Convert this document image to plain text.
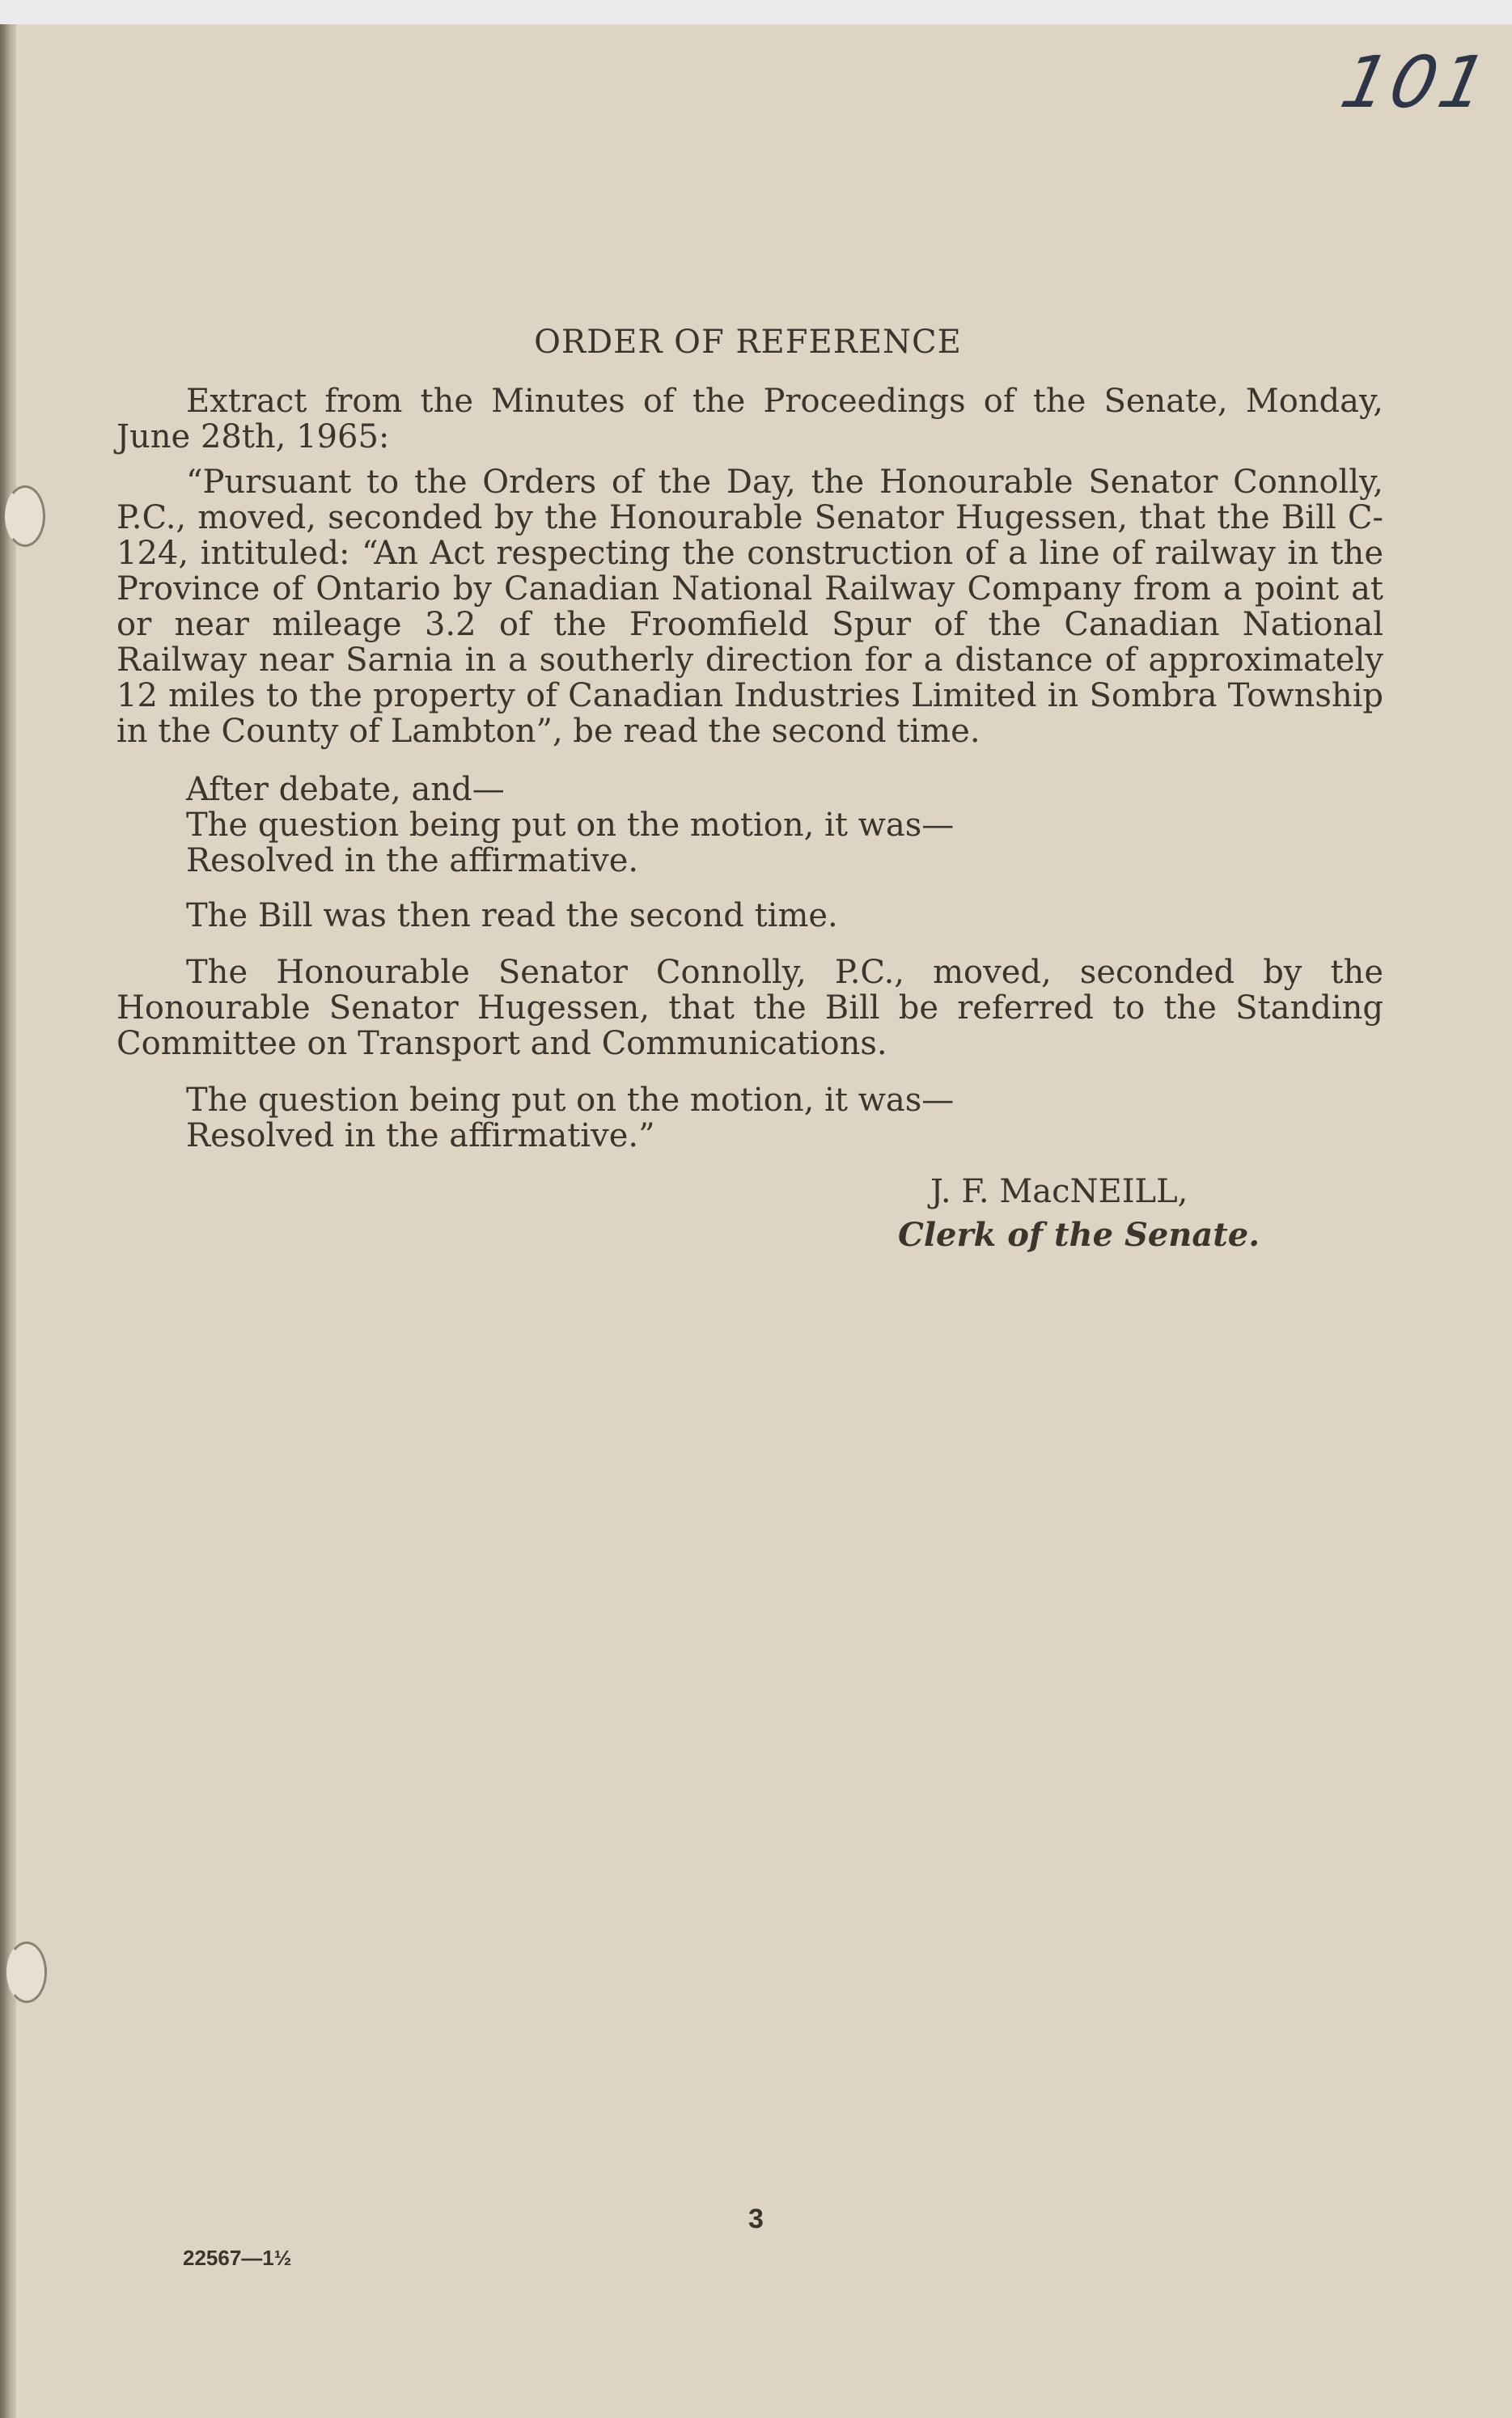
101
ORDER OF REFERENCE
Extract from the Minutes of the Proceedings of the Senate, Monday, June 28th, 1965:
“Pursuant to the Orders of the Day, the Honourable Senator Connolly, P.C., moved, seconded by the Honourable Senator Hugessen, that the Bill C-124, intituled: “An Act respecting the construction of a line of railway in the Province of Ontario by Canadian National Railway Company from a point at or near mileage 3.2 of the Froomfield Spur of the Canadian National Railway near Sarnia in a southerly direction for a distance of approximately 12 miles to the property of Canadian Industries Limited in Sombra Township in the County of Lambton”, be read the second time.
After debate, and—
The question being put on the motion, it was—
Resolved in the affirmative.
The Bill was then read the second time.
The Honourable Senator Connolly, P.C., moved, seconded by the Honourable Senator Hugessen, that the Bill be referred to the Standing Committee on Transport and Communications.
The question being put on the motion, it was—
Resolved in the affirmative.”
J. F. MacNEILL,
Clerk of the Senate.
3
22567—1½
